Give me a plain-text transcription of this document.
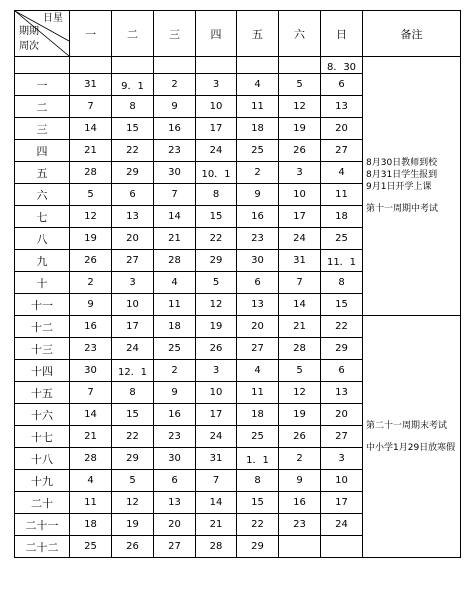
日星
期期
周次	一	二	三	四	五	六	日	备注
							8．30	8月30日教师到校
8月31日学生报到
9月1日开学上课

第十一周期中考试

一	31	9．1	2	3	4	5	6	
二	7	8	9	10	11	12	13	
三	14	15	16	17	18	19	20	
四	21	22	23	24	25	26	27	
五	28	29	30	10．1	2	3	4	
六	5	6	7	8	9	10	11	
七	12	13	14	15	16	17	18	
八	19	20	21	22	23	24	25	
九	26	27	28	29	30	31	11．1	
十	2	3	4	5	6	7	8	
十一	9	10	11	12	13	14	15	
十二	16	17	18	19	20	21	22	第二十一周期末考试

中小学1月29日放寒假

十三	23	24	25	26	27	28	29	
十四	30	12．1	2	3	4	5	6	
十五	7	8	9	10	11	12	13	
十六	14	15	16	17	18	19	20	
十七	21	22	23	24	25	26	27	
十八	28	29	30	31	1．1	2	3	
十九	4	5	6	7	8	9	10	
二十	11	12	13	14	15	16	17	
二十一	18	19	20	21	22	23	24	
二十二	25	26	27	28	29			
